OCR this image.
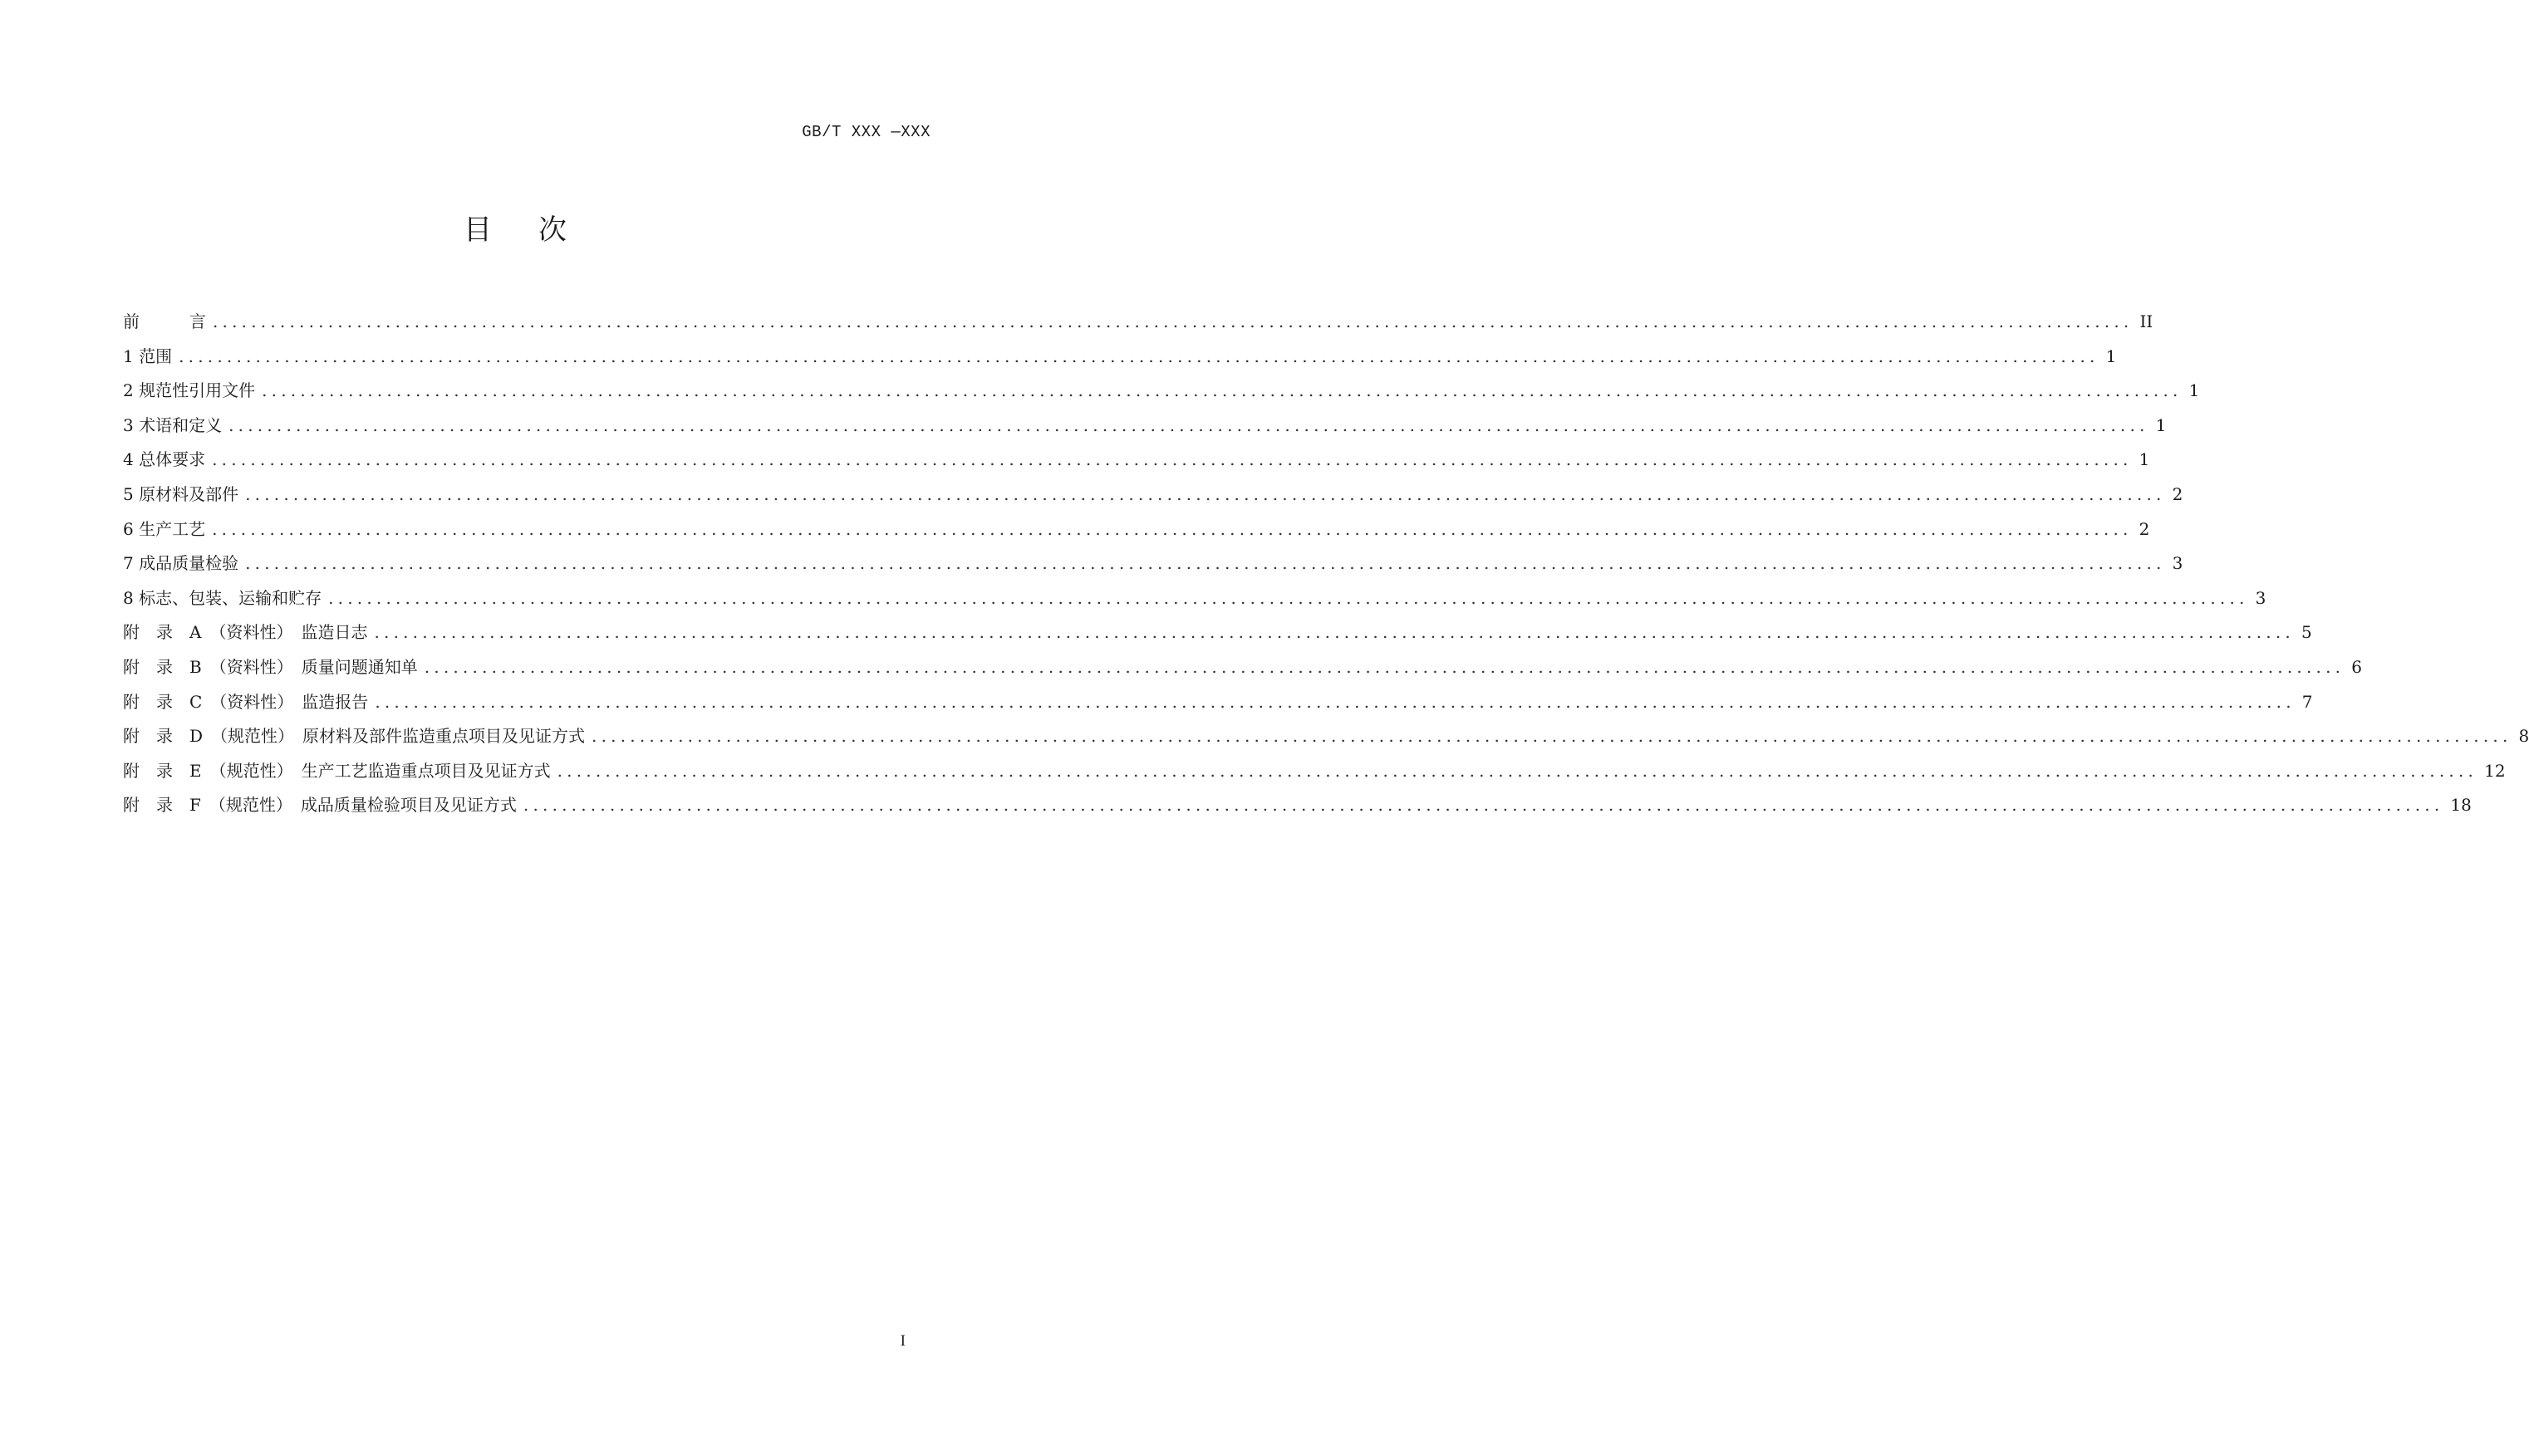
GB/T XXX —XXX
目次
前　　　言 ........................................................................................................................................................................................................ II
1 范围 ........................................................................................................................................................................................................ 1
2 规范性引用文件 ........................................................................................................................................................................................................ 1
3 术语和定义 ........................................................................................................................................................................................................ 1
4 总体要求 ........................................................................................................................................................................................................ 1
5 原材料及部件 ........................................................................................................................................................................................................ 2
6 生产工艺 ........................................................................................................................................................................................................ 2
7 成品质量检验 ........................................................................................................................................................................................................ 3
8 标志、包装、运输和贮存 ........................................................................................................................................................................................................ 3
附　录　A　（资料性）　监造日志 ........................................................................................................................................................................................................ 5
附　录　B　（资料性）　质量问题通知单 ........................................................................................................................................................................................................ 6
附　录　C　（资料性）　监造报告 ........................................................................................................................................................................................................ 7
附　录　D　（规范性）　原材料及部件监造重点项目及见证方式 ........................................................................................................................................................................................................ 8
附　录　E　（规范性）　生产工艺监造重点项目及见证方式 ........................................................................................................................................................................................................ 12
附　录　F　（规范性）　成品质量检验项目及见证方式 ........................................................................................................................................................................................................ 18
I
